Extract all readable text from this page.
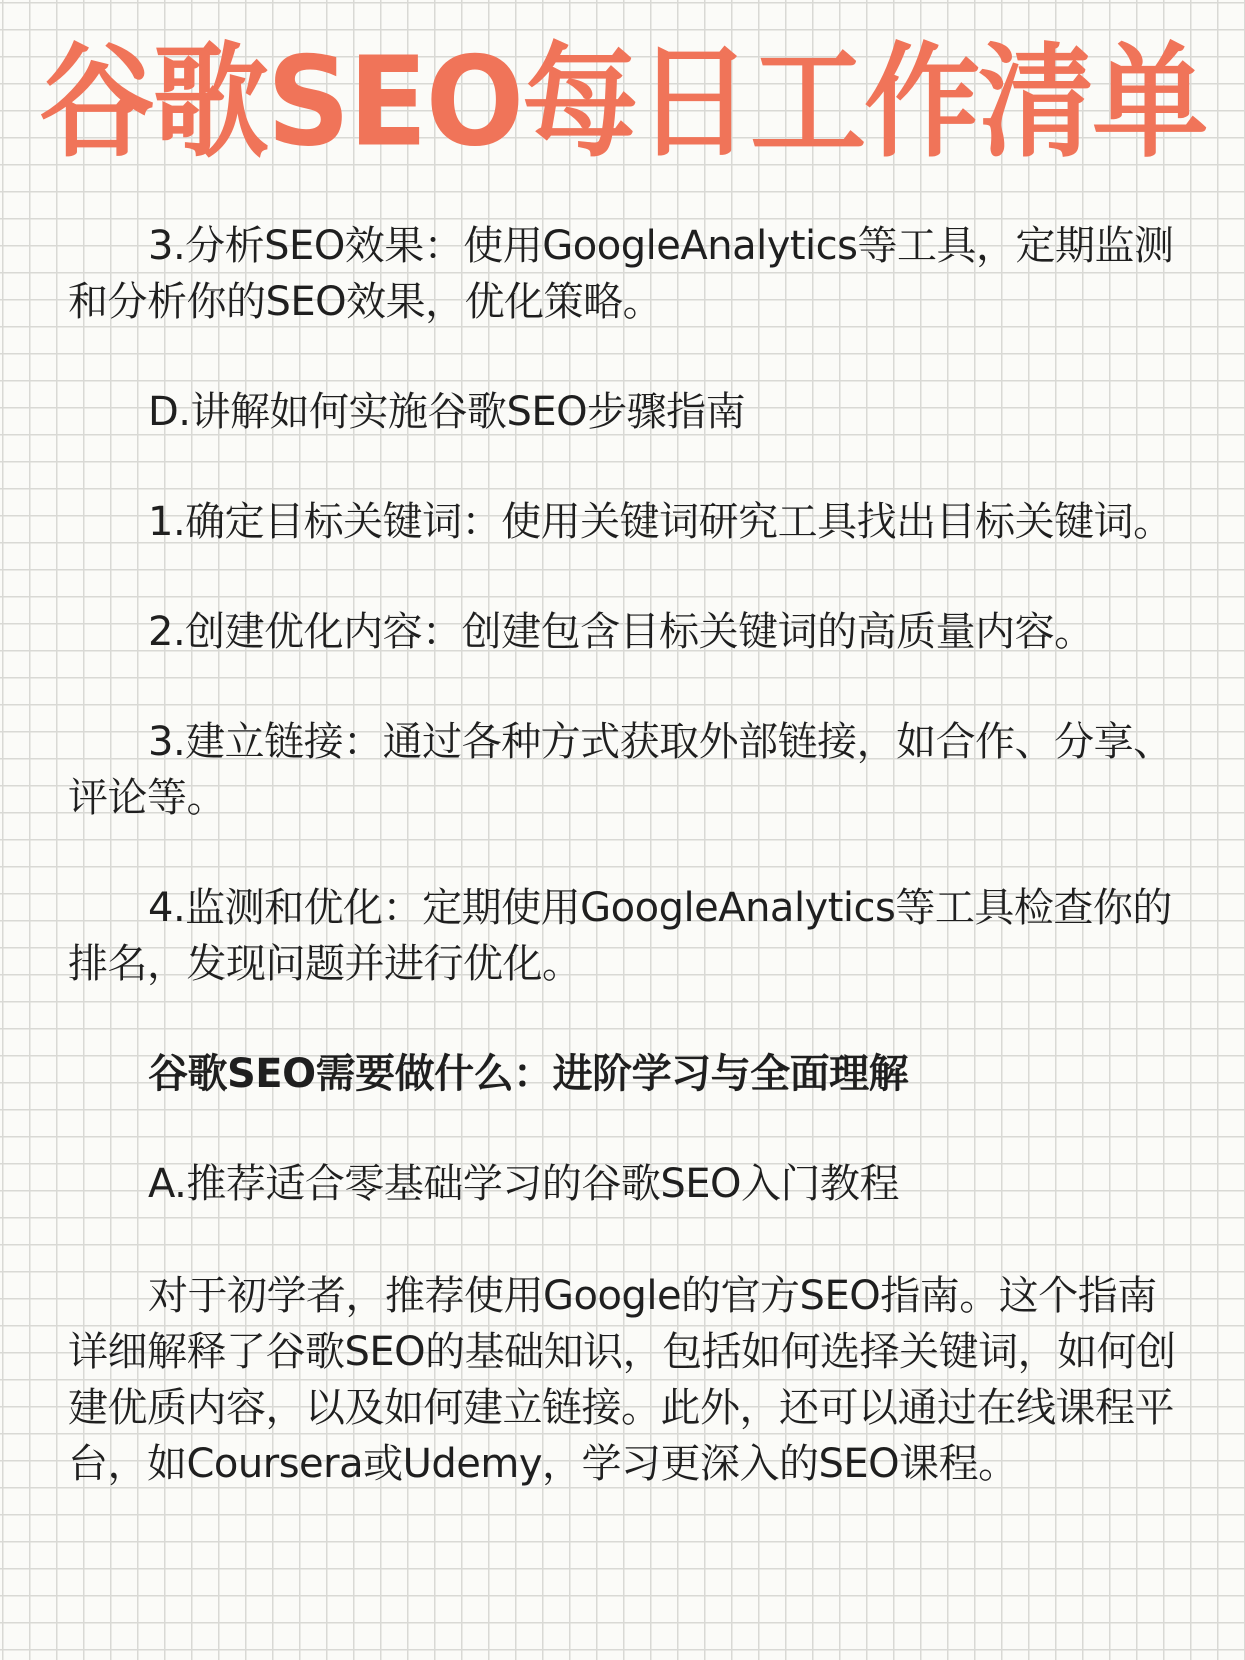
谷歌SEO每日工作清单

3.分析SEO效果：使用GoogleAnalytics等工具，定期监测和分析你的SEO效果，优化策略。

D.讲解如何实施谷歌SEO步骤指南

1.确定目标关键词：使用关键词研究工具找出目标关键词。

2.创建优化内容：创建包含目标关键词的高质量内容。

3.建立链接：通过各种方式获取外部链接，如合作、分享、评论等。

4.监测和优化：定期使用GoogleAnalytics等工具检查你的排名，发现问题并进行优化。

谷歌SEO需要做什么：进阶学习与全面理解

A.推荐适合零基础学习的谷歌SEO入门教程

对于初学者，推荐使用Google的官方SEO指南。这个指南详细解释了谷歌SEO的基础知识，包括如何选择关键词，如何创建优质内容，以及如何建立链接。此外，还可以通过在线课程平台，如Coursera或Udemy，学习更深入的SEO课程。
